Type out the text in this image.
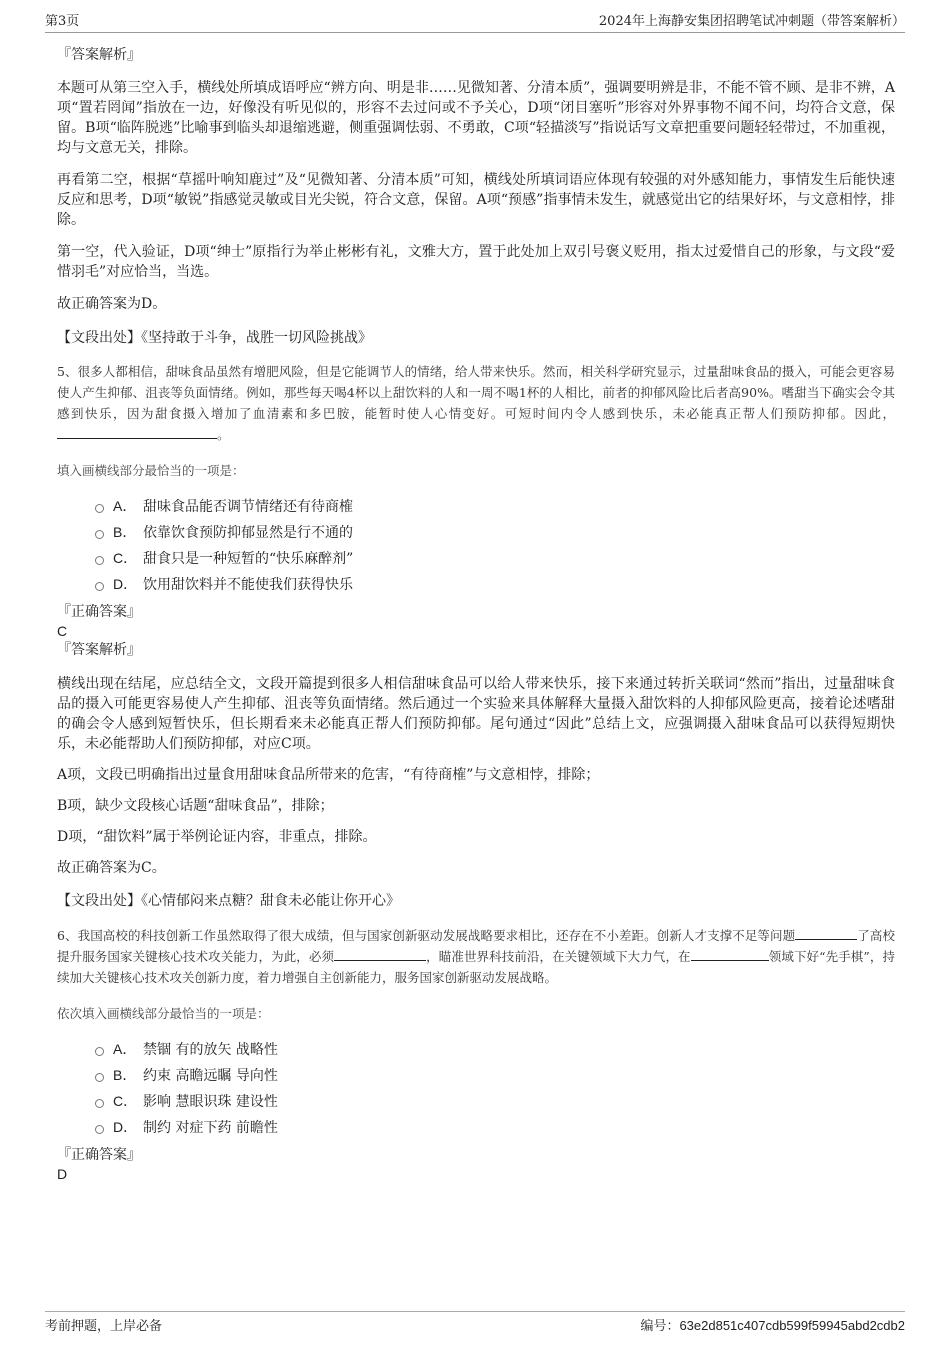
第3页	2024年上海静安集团招聘笔试冲刺题（带答案解析）

『答案解析』

本题可从第三空入手，横线处所填成语呼应“辨方向、明是非……见微知著、分清本质”，强调要明辨是非，不能不管不顾、是非不辨，A项“置若罔闻”指放在一边，好像没有听见似的，形容不去过问或不予关心，D项“闭目塞听”形容对外界事物不闻不问，均符合文意，保留。B项“临阵脱逃”比喻事到临头却退缩逃避，侧重强调怯弱、不勇敢，C项“轻描淡写”指说话写文章把重要问题轻轻带过，不加重视，均与文意无关，排除。

再看第二空，根据“草摇叶响知鹿过”及“见微知著、分清本质”可知，横线处所填词语应体现有较强的对外感知能力，事情发生后能快速反应和思考，D项“敏锐”指感觉灵敏或目光尖锐，符合文意，保留。A项“预感”指事情未发生，就感觉出它的结果好坏，与文意相悖，排除。

第一空，代入验证，D项“绅士”原指行为举止彬彬有礼，文雅大方，置于此处加上双引号褒义贬用，指太过爱惜自己的形象，与文段“爱惜羽毛”对应恰当，当选。

故正确答案为D。

【文段出处】《坚持敢于斗争，战胜一切风险挑战》

5、很多人都相信，甜味食品虽然有增肥风险，但是它能调节人的情绪，给人带来快乐。然而，相关科学研究显示，过量甜味食品的摄入，可能会更容易使人产生抑郁、沮丧等负面情绪。例如，那些每天喝4杯以上甜饮料的人和一周不喝1杯的人相比，前者的抑郁风险比后者高90%。嗜甜当下确实会令其感到快乐，因为甜食摄入增加了血清素和多巴胺，能暂时使人心情变好。可短时间内令人感到快乐，未必能真正帮人们预防抑郁。因此，。

填入画横线部分最恰当的一项是：

A． 甜味食品能否调节情绪还有待商榷
B． 依靠饮食预防抑郁显然是行不通的
C． 甜食只是一种短暂的“快乐麻醉剂”
D． 饮用甜饮料并不能使我们获得快乐

『正确答案』

C

『答案解析』

横线出现在结尾，应总结全文，文段开篇提到很多人相信甜味食品可以给人带来快乐，接下来通过转折关联词“然而”指出，过量甜味食品的摄入可能更容易使人产生抑郁、沮丧等负面情绪。然后通过一个实验来具体解释大量摄入甜饮料的人抑郁风险更高，接着论述嗜甜的确会令人感到短暂快乐，但长期看来未必能真正帮人们预防抑郁。尾句通过“因此”总结上文，应强调摄入甜味食品可以获得短期快乐，未必能帮助人们预防抑郁，对应C项。

A项，文段已明确指出过量食用甜味食品所带来的危害，“有待商榷”与文意相悖，排除；

B项，缺少文段核心话题“甜味食品”，排除；

D项，“甜饮料”属于举例论证内容，非重点，排除。

故正确答案为C。

【文段出处】《心情郁闷来点糖？甜食未必能让你开心》

6、我国高校的科技创新工作虽然取得了很大成绩，但与国家创新驱动发展战略要求相比，还存在不小差距。创新人才支撑不足等问题	了高校提升服务国家关键核心技术攻关能力，为此，必须	，瞄准世界科技前沿，在关键领域下大力气，在	领域下好“先手棋”，持续加大关键核心技术攻关创新力度，着力增强自主创新能力，服务国家创新驱动发展战略。

依次填入画横线部分最恰当的一项是：

A． 禁锢 有的放矢 战略性
B． 约束 高瞻远瞩 导向性
C． 影响 慧眼识珠 建设性
D． 制约 对症下药 前瞻性

『正确答案』

D

考前押题，上岸必备	编号：63e2d851c407cdb599f59945abd2cdb2
